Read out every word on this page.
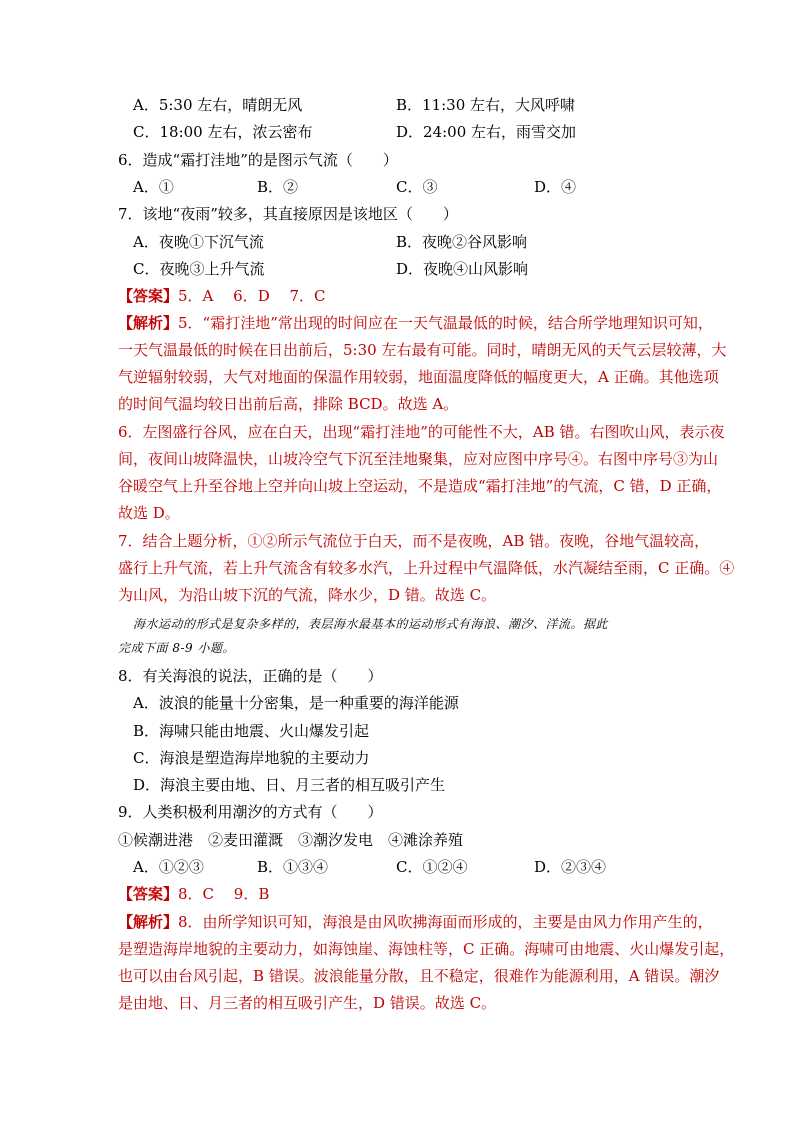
A．5:30 左右，晴朗无风	B．11:30 左右，大风呼啸
C．18:00 左右，浓云密布	D．24:00 左右，雨雪交加
6．造成“霜打洼地”的是图示气流（　　）
A．①	B．②	C．③	D．④
7．该地“夜雨”较多，其直接原因是该地区（　　）
A．夜晚①下沉气流	B．夜晚②谷风影响
C．夜晚③上升气流	D．夜晚④山风影响
【答案】5．A　 6．D　 7．C
【解析】5．“霜打洼地”常出现的时间应在一天气温最低的时候，结合所学地理知识可知，
一天气温最低的时候在日出前后，5:30 左右最有可能。同时，晴朗无风的天气云层较薄，大
气逆辐射较弱，大气对地面的保温作用较弱，地面温度降低的幅度更大，A 正确。其他选项
的时间气温均较日出前后高，排除 BCD。故选 A。
6．左图盛行谷风，应在白天，出现“霜打洼地”的可能性不大，AB 错。右图吹山风，表示夜
间，夜间山坡降温快，山坡冷空气下沉至洼地聚集，应对应图中序号④。右图中序号③为山
谷暖空气上升至谷地上空并向山坡上空运动，不是造成“霜打洼地”的气流，C 错，D 正确，
故选 D。
7．结合上题分析，①②所示气流位于白天，而不是夜晚，AB 错。夜晚，谷地气温较高，
盛行上升气流，若上升气流含有较多水汽，上升过程中气温降低，水汽凝结至雨，C 正确。④
为山风，为沿山坡下沉的气流，降水少，D 错。故选 C。
海水运动的形式是复杂多样的，表层海水最基本的运动形式有海浪、潮汐、洋流。据此
完成下面 8-9 小题。
8．有关海浪的说法，正确的是（　　）
A．波浪的能量十分密集，是一种重要的海洋能源
B．海啸只能由地震、火山爆发引起
C．海浪是塑造海岸地貌的主要动力
D．海浪主要由地、日、月三者的相互吸引产生
9．人类积极利用潮汐的方式有（　　）
①候潮进港　②麦田灌溉　③潮汐发电　④滩涂养殖
A．①②③	B．①③④	C．①②④	D．②③④
【答案】8．C　 9．B
【解析】8．由所学知识可知，海浪是由风吹拂海面而形成的，主要是由风力作用产生的，
是塑造海岸地貌的主要动力，如海蚀崖、海蚀柱等，C 正确。海啸可由地震、火山爆发引起，
也可以由台风引起，B 错误。波浪能量分散，且不稳定，很难作为能源利用，A 错误。潮汐
是由地、日、月三者的相互吸引产生，D 错误。故选 C。
